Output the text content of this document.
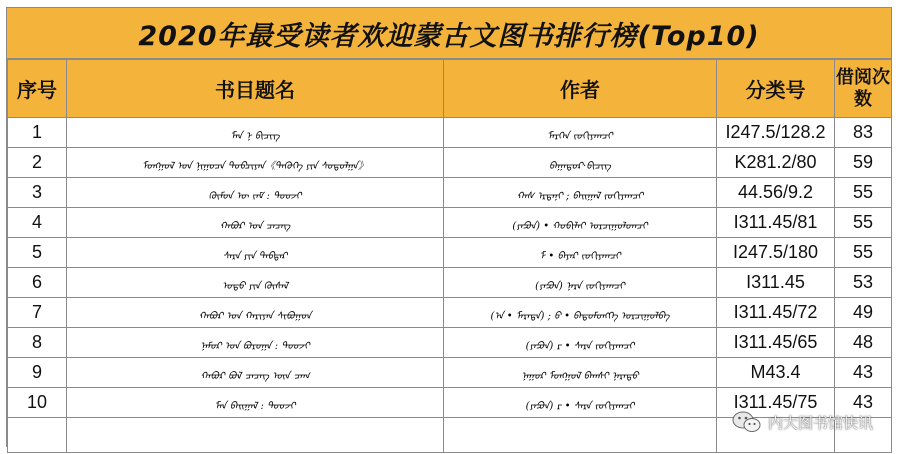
2020年最受读者欢迎蒙古文图书排行榜(Top10)
序号	书目题名	作者	分类号	借阅次数
1	ᠮᠠᠨ ᠨ ᠪᠢᠴᠢᠭ	ᠮᠡᠷᠭᠡᠨ ᠵᠣᠬᠢᠶᠠᠭᠴᠢ	I247.5/128.2	83
2	ᠮᠣᠩᠭᠣᠯ ᠤᠨ ᠨᠢᠭᠤᠴᠠ ᠲᠣᠪᠴᠢᠶᠠᠨ《ᠲᠡᠭᠦᠬᠡ ᠶᠢᠨ ᠰᠤᠳᠤᠯᠭᠠ》	ᠪᠠᠭᠠᠲᠤᠷ·ᠪᠢᠴᠢᠭ	K281.2/80	59
3	ᠬᠦᠮᠦᠨ ᠦ ᠵᠠᠮ : ᠲᠤᠤᠵᠢ	ᠬᠠᠰ ᠡᠷᠳᠡᠨᠢ ; ᠪᠠᠢᠭᠠᠯ ᠵᠣᠬᠢᠶᠠᠭᠴᠢ	44.56/9.2	55
4	ᠬᠠᠪᠤᠷ ᠤᠨ ᠴᠡᠴᠡᠭ	(ᠶᠠᠫᠣᠨ) • ᠬᠤᠪᠢᠯᠠᠢ ᠣᠷᠴᠢᠭᠤᠯᠤᠭᠴᠢ	I311.45/81	55
5	ᠰᠠᠷᠠ ᠶᠢᠨ ᠳᠡᠪᠲᠡᠷ	ᠮ • ᠪᠠᠶᠠᠷ ᠵᠣᠬᠢᠶᠠᠭᠴᠢ	I247.5/180	55
6	ᠣᠳᠣ ᠶᠢᠨ ᠬᠦᠰᠡᠯ	(ᠶᠠᠫᠣᠨ) ᠨᠠᠷᠠ ᠵᠣᠬᠢᠶᠠᠭᠴᠢ	I311.45	53
7	ᠬᠠᠪᠤᠷ ᠤᠨ ᠬᠠᠷᠢᠶᠠᠨ ᠰᠢᠪᠤᠭᠤᠨ	(ᠠ • ᠮᠠᠷᠠᠲᠠ) ; ᠪ • ᠪᠠᠲᠤᠮᠦᠩᠬᠡ ᠣᠷᠴᠢᠭᠤᠯᠪᠠ	I311.45/72	49
8	ᠨᠠᠮᠤᠷ ᠤᠨ ᠪᠣᠷᠤᠭᠠ : ᠲᠤᠤᠵᠢ	(ᠶᠠᠫᠣᠨ) ᠷ • ᠰᠠᠷᠠ ᠵᠣᠬᠢᠶᠠᠭᠴᠢ	I311.45/65	48
9	ᠬᠠᠪᠤᠷ ᠪᠣᠯ ᠴᠡᠴᠡᠭ ᠦᠨ ᠴᠠᠭ	ᠨᠠᠭᠤᠷ ᠮᠣᠩᠭᠣᠯ ᠪᠠᠭᠰᠢ ᠨᠠᠷᠠᠲᠤ	M43.4	43
10	ᠮᠠᠨ ᠪᠠᠢᠭᠠᠯ : ᠲᠤᠤᠵᠢ	(ᠶᠠᠫᠣᠨ) ᠷ • ᠰᠠᠷᠠ ᠵᠣᠬᠢᠶᠠᠭᠴᠢ	I311.45/75	43

内大图书馆快讯
